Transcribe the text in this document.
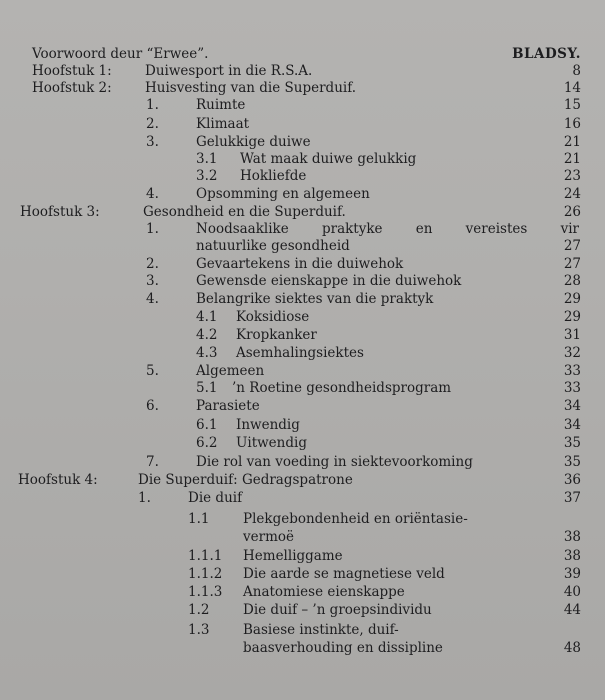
Voorwoord deur “Erwee”.	BLADSY.
Hoofstuk 1: Duiwesport in die R.S.A.	8
Hoofstuk 2: Huisvesting van die Superduif.	14
1.	Ruimte	15
2.	Klimaat	16
3.	Gelukkige duiwe	21
3.1 Wat maak duiwe gelukkig	21
3.2 Hokliefde	23
4.	Opsomming en algemeen	24
Hoofstuk 3:	Gesondheid en die Superduif.	26
1.	Noodsaaklike praktyke en vereistes vir
natuurlike gesondheid	27
2.	Gevaartekens in die duiwehok	27
3.	Gewensde eienskappe in die duiwehok	28
4.	Belangrike siektes van die praktyk	29
4.1 Koksidiose	29
4.2 Kropkanker	31
4.3 Asemhalingsiektes	32
5.	Algemeen	33
5.1 ’n Roetine gesondheidsprogram	33
6.	Parasiete	34
6.1 Inwendig	34
6.2 Uitwendig	35
7.	Die rol van voeding in siektevoorkoming	35
Hoofstuk 4:	Die Superduif: Gedragspatrone	36
1.	Die duif	37
1.1 Plekgebondenheid en oriëntasie-
vermoë	38
1.1.1 Hemelliggame	38
1.1.2 Die aarde se magnetiese veld	39
1.1.3 Anatomiese eienskappe	40
1.2 Die duif – ’n groepsindividu	44
1.3 Basiese instinkte, duif-
baasverhouding en dissipline	48
